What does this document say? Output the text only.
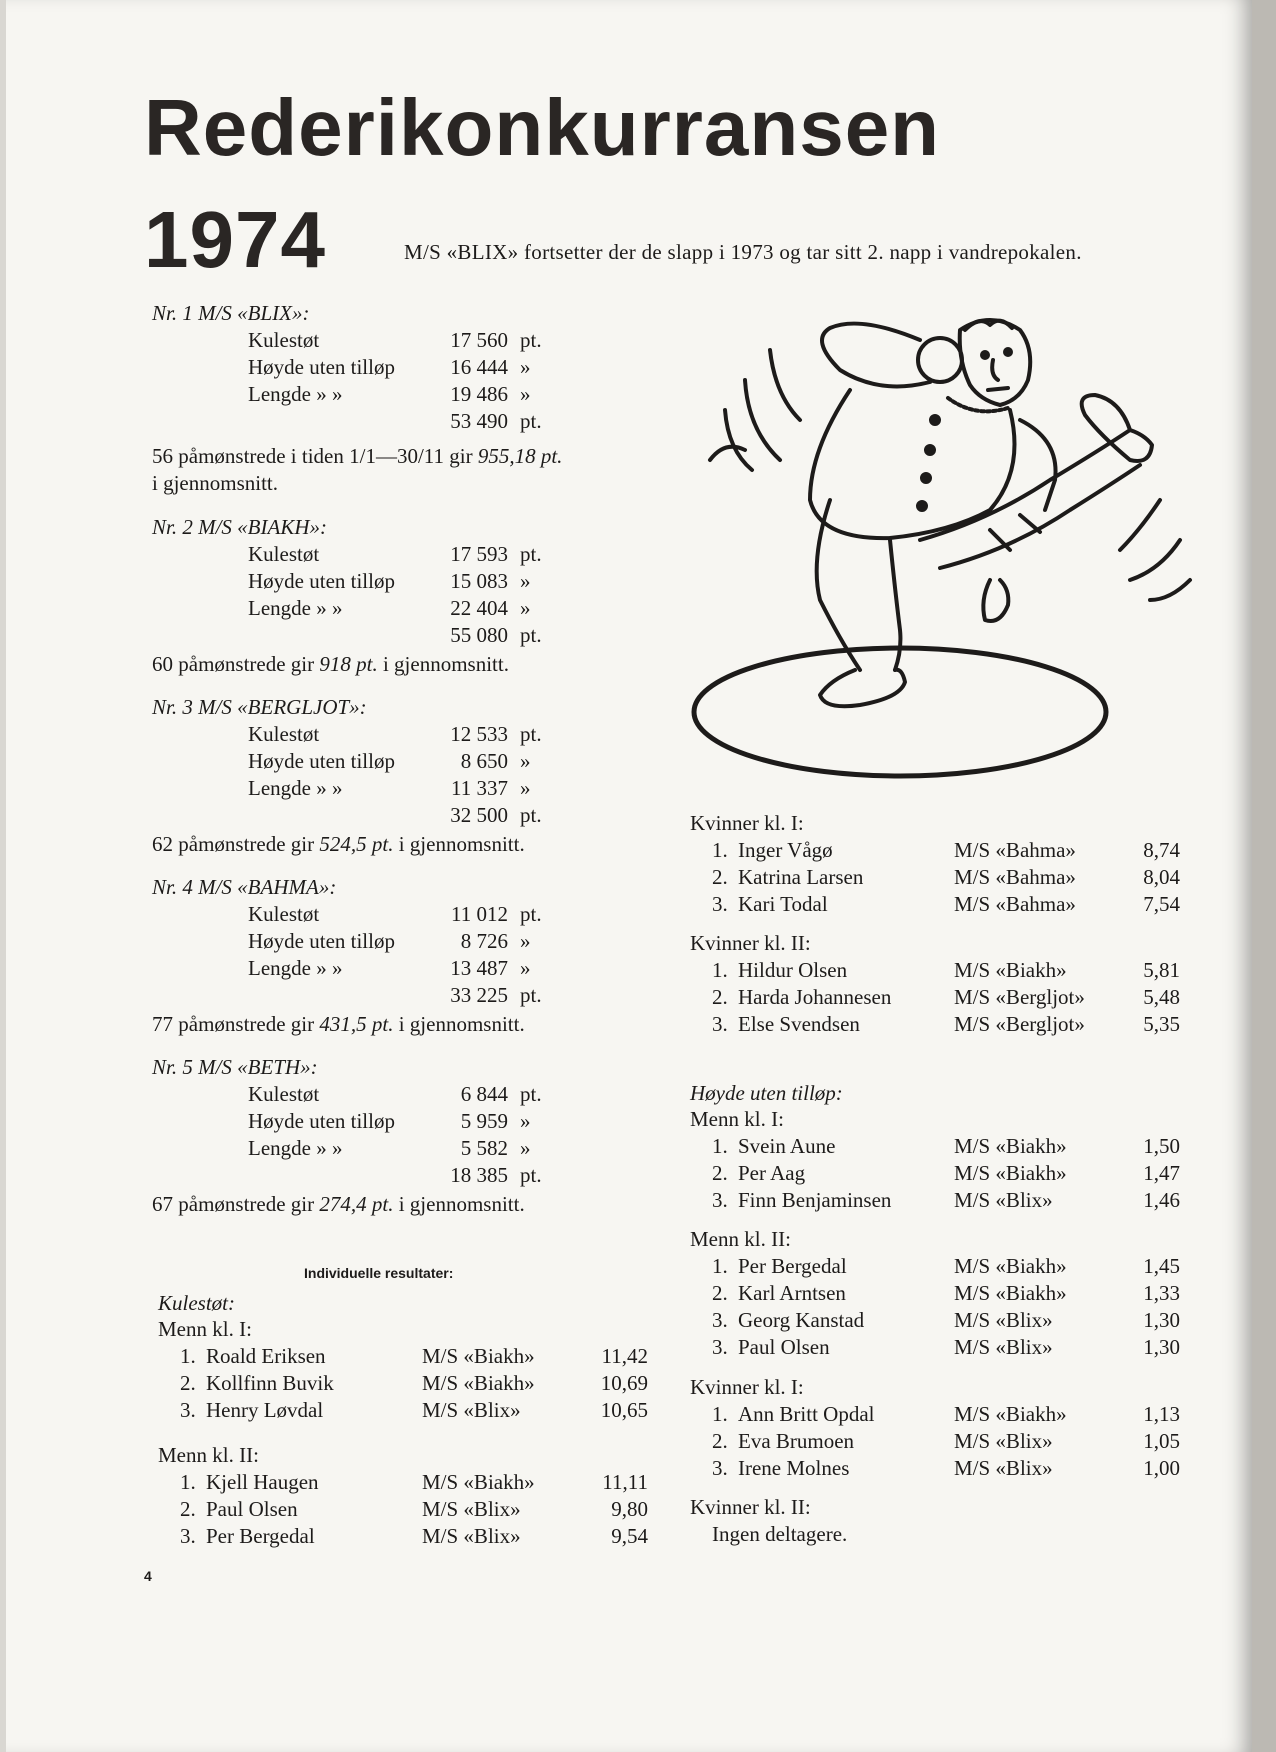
Rederikonkurransen
1974	M/S «BLIX» fortsetter der de slapp i 1973 og tar sitt 2. napp i vandrepokalen.
Nr. 1 M/S «BLIX»:
Kulestøt	17 560 pt.
Høyde uten tilløp	16 444 »
Lengde » »	19 486 »
53 490 pt.
56 påmønstrede i tiden 1/1—30/11 gir 955,18 pt.
i gjennomsnitt.
Nr. 2 M/S «BIAKH»:
Kulestøt	17 593 pt.
Høyde uten tilløp	15 083 »
Lengde » »	22 404 »
55 080 pt.
60 påmønstrede gir 918 pt. i gjennomsnitt.
Nr. 3 M/S «BERGLJOT»:
Kulestøt	12 533 pt.
Høyde uten tilløp	8 650 »
Lengde » »	11 337 »
32 500 pt.
62 påmønstrede gir 524,5 pt. i gjennomsnitt.
Nr. 4 M/S «BAHMA»:
Kulestøt	11 012 pt.
Høyde uten tilløp	8 726 »
Lengde » »	13 487 »
33 225 pt.
77 påmønstrede gir 431,5 pt. i gjennomsnitt.
Nr. 5 M/S «BETH»:
Kulestøt	6 844 pt.
Høyde uten tilløp	5 959 »
Lengde » »	5 582 »
18 385 pt.
67 påmønstrede gir 274,4 pt. i gjennomsnitt.
Individuelle resultater:
Kulestøt:
Menn kl. I:
1. Roald Eriksen	M/S «Biakh»	11,42
2. Kollfinn Buvik	M/S «Biakh»	10,69
3. Henry Løvdal	M/S «Blix»	10,65
Menn kl. II:
1. Kjell Haugen	M/S «Biakh»	11,11
2. Paul Olsen	M/S «Blix»	9,80
3. Per Bergedal	M/S «Blix»	9,54
Kvinner kl. I:
1. Inger Vågø	M/S «Bahma»	8,74
2. Katrina Larsen	M/S «Bahma»	8,04
3. Kari Todal	M/S «Bahma»	7,54
Kvinner kl. II:
1. Hildur Olsen	M/S «Biakh»	5,81
2. Harda Johannesen	M/S «Bergljot»	5,48
3. Else Svendsen	M/S «Bergljot»	5,35
Høyde uten tilløp:
Menn kl. I:
1. Svein Aune	M/S «Biakh»	1,50
2. Per Aag	M/S «Biakh»	1,47
3. Finn Benjaminsen	M/S «Blix»	1,46
Menn kl. II:
1. Per Bergedal	M/S «Biakh»	1,45
2. Karl Arntsen	M/S «Biakh»	1,33
3. Georg Kanstad	M/S «Blix»	1,30
3. Paul Olsen	M/S «Blix»	1,30
Kvinner kl. I:
1. Ann Britt Opdal	M/S «Biakh»	1,13
2. Eva Brumoen	M/S «Blix»	1,05
3. Irene Molnes	M/S «Blix»	1,00
Kvinner kl. II:
Ingen deltagere.
4
